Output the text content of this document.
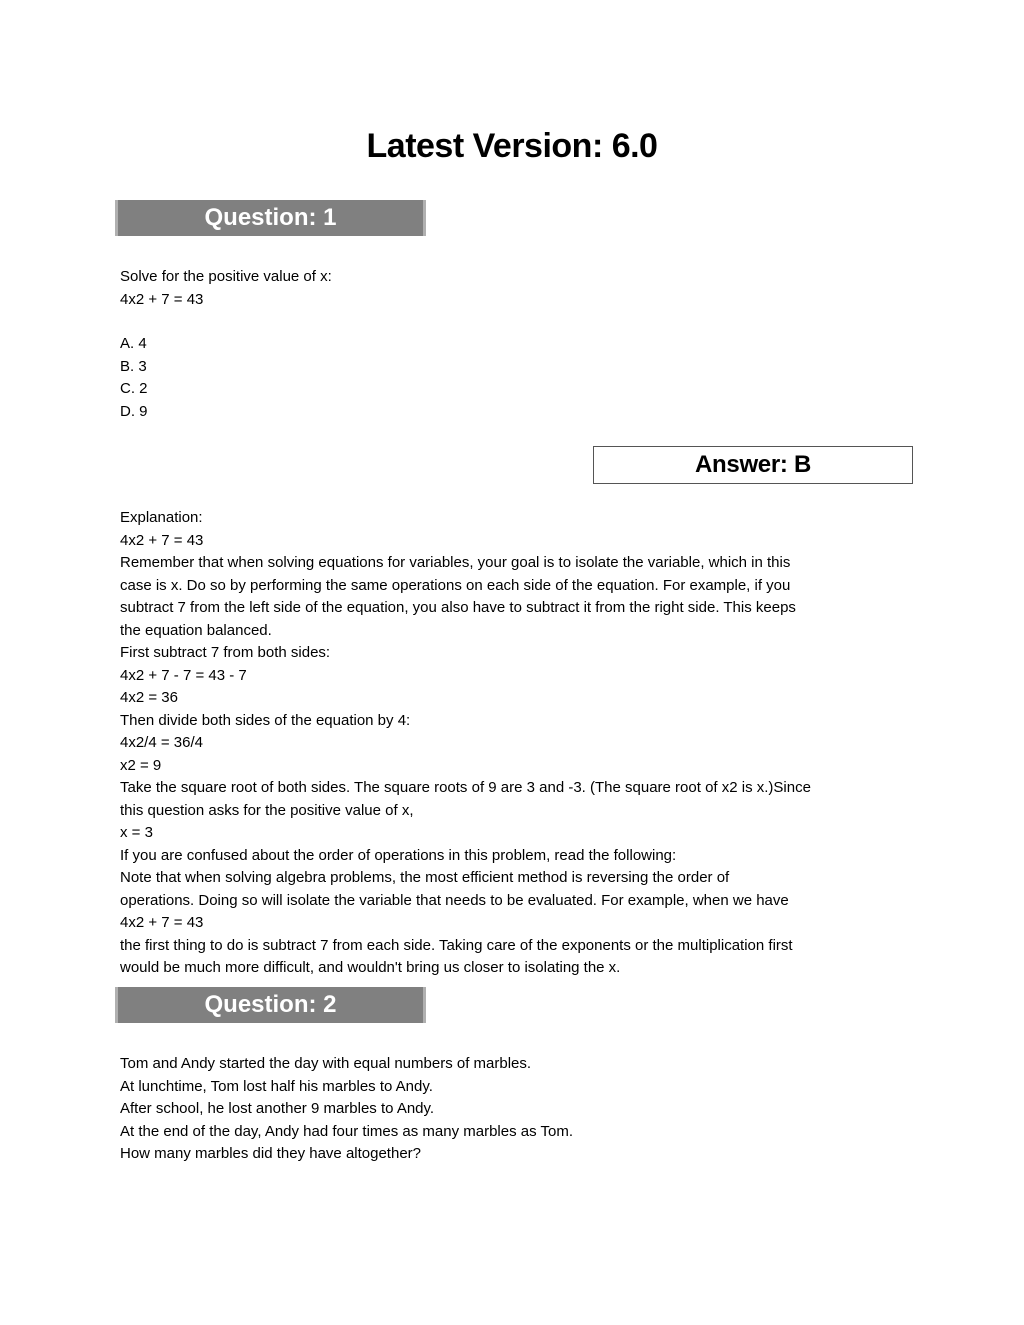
Latest Version: 6.0
Question: 1
Solve for the positive value of x:
4x2 + 7 = 43
A. 4
B. 3
C. 2
D. 9
Answer: B
Explanation:
4x2 + 7 = 43
Remember that when solving equations for variables, your goal is to isolate the variable, which in this
case is x. Do so by performing the same operations on each side of the equation. For example, if you
subtract 7 from the left side of the equation, you also have to subtract it from the right side. This keeps
the equation balanced.
First subtract 7 from both sides:
4x2 + 7 - 7 = 43 - 7
4x2 = 36
Then divide both sides of the equation by 4:
4x2/4 = 36/4
x2 = 9
Take the square root of both sides. The square roots of 9 are 3 and -3. (The square root of x2 is x.)Since
this question asks for the positive value of x,
x = 3
If you are confused about the order of operations in this problem, read the following:
Note that when solving algebra problems, the most efficient method is reversing the order of
operations. Doing so will isolate the variable that needs to be evaluated. For example, when we have
4x2 + 7 = 43
the first thing to do is subtract 7 from each side. Taking care of the exponents or the multiplication first
would be much more difficult, and wouldn't bring us closer to isolating the x.
Question: 2
Tom and Andy started the day with equal numbers of marbles.
At lunchtime, Tom lost half his marbles to Andy.
After school, he lost another 9 marbles to Andy.
At the end of the day, Andy had four times as many marbles as Tom.
How many marbles did they have altogether?
